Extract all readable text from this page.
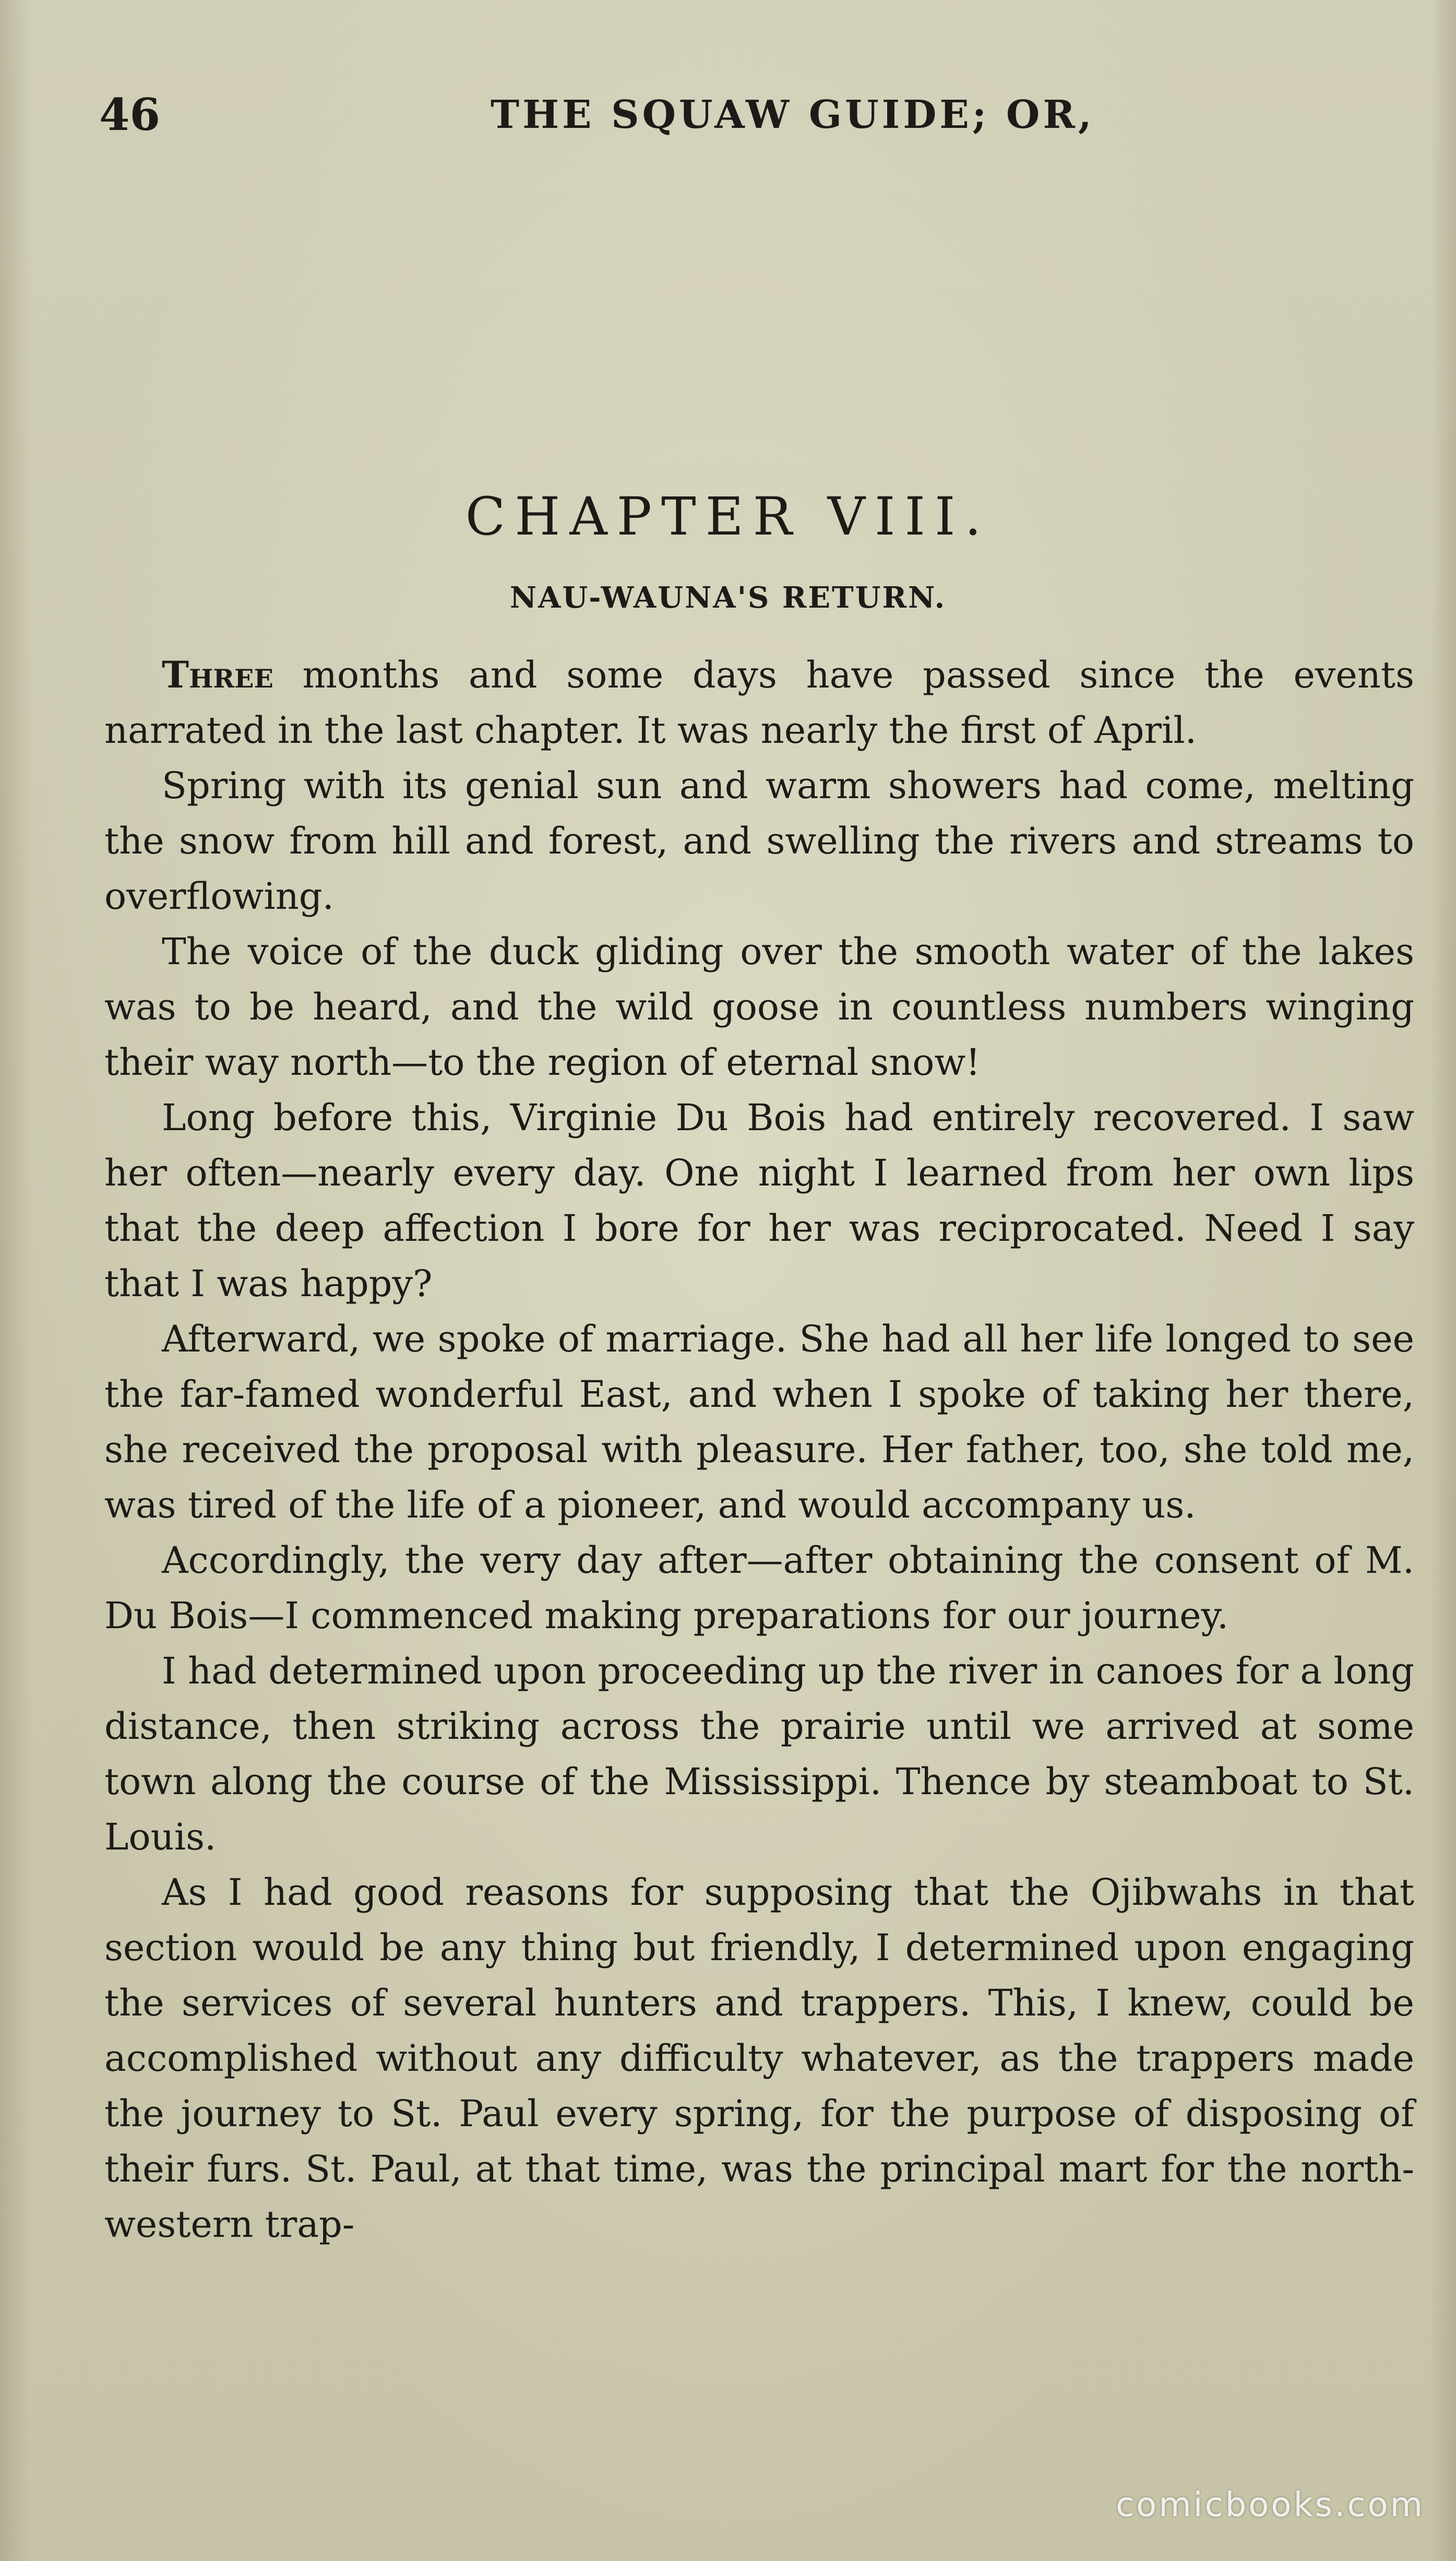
46	THE SQUAW GUIDE; OR,
CHAPTER VIII.
NAU-WAUNA'S RETURN.

Three months and some days have passed since the events narrated in the last chapter. It was nearly the first of April.

Spring with its genial sun and warm showers had come, melting the snow from hill and forest, and swelling the rivers and streams to overflowing.

The voice of the duck gliding over the smooth water of the lakes was to be heard, and the wild goose in countless numbers winging their way north—to the region of eternal snow!

Long before this, Virginie Du Bois had entirely recovered. I saw her often—nearly every day. One night I learned from her own lips that the deep affection I bore for her was reciprocated. Need I say that I was happy?

Afterward, we spoke of marriage. She had all her life longed to see the far-famed wonderful East, and when I spoke of taking her there, she received the proposal with pleasure. Her father, too, she told me, was tired of the life of a pioneer, and would accompany us.

Accordingly, the very day after—after obtaining the consent of M. Du Bois—I commenced making preparations for our journey.

I had determined upon proceeding up the river in canoes for a long distance, then striking across the prairie until we arrived at some town along the course of the Mississippi. Thence by steamboat to St. Louis.

As I had good reasons for supposing that the Ojibwahs in that section would be any thing but friendly, I determined upon engaging the services of several hunters and trappers. This, I knew, could be accomplished without any difficulty whatever, as the trappers made the journey to St. Paul every spring, for the purpose of disposing of their furs. St. Paul, at that time, was the principal mart for the north-western trap-

comicbooks.com
